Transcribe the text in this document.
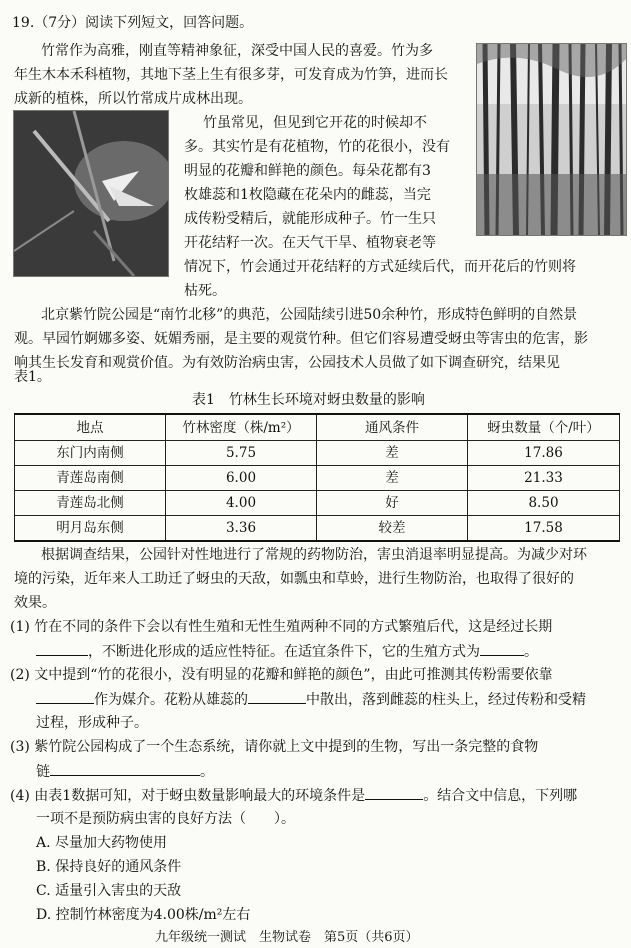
19.（7分）阅读下列短文，回答问题。
竹常作为高雅，刚直等精神象征，深受中国人民的喜爱。竹为多
年生木本禾科植物，其地下茎上生有很多芽，可发育成为竹笋，进而长
成新的植株，所以竹常成片成林出现。
竹虽常见，但见到它开花的时候却不
多。其实竹是有花植物，竹的花很小，没有
明显的花瓣和鲜艳的颜色。每朵花都有3
枚雄蕊和1枚隐藏在花朵内的雌蕊，当完
成传粉受精后，就能形成种子。竹一生只
开花结籽一次。在天气干旱、植物衰老等
情况下，竹会通过开花结籽的方式延续后代，而开花后的竹则将
枯死。
北京紫竹院公园是“南竹北移”的典范，公园陆续引进50余种竹，形成特色鲜明的自然景
观。早园竹婀娜多姿、妩媚秀丽，是主要的观赏竹种。但它们容易遭受蚜虫等害虫的危害，影
响其生长发育和观赏价值。为有效防治病虫害，公园技术人员做了如下调查研究，结果见
表1。
表1　竹林生长环境对蚜虫数量的影响
地点	竹林密度（株/m²）	通风条件	蚜虫数量（个/叶）
东门内南侧	5.75	差	17.86
青莲岛南侧	6.00	差	21.33
青莲岛北侧	4.00	好	8.50
明月岛东侧	3.36	较差	17.58
根据调查结果，公园针对性地进行了常规的药物防治，害虫消退率明显提高。为减少对环
境的污染，近年来人工助迁了蚜虫的天敌，如瓢虫和草蛉，进行生物防治，也取得了很好的
效果。
(1) 竹在不同的条件下会以有性生殖和无性生殖两种不同的方式繁殖后代，这是经过长期
，不断进化形成的适应性特征。在适宜条件下，它的生殖方式为	。
(2) 文中提到“竹的花很小，没有明显的花瓣和鲜艳的颜色”，由此可推测其传粉需要依靠
作为媒介。花粉从雄蕊的	中散出，落到雌蕊的柱头上，经过传粉和受精
过程，形成种子。
(3) 紫竹院公园构成了一个生态系统，请你就上文中提到的生物，写出一条完整的食物
链	。
(4) 由表1数据可知，对于蚜虫数量影响最大的环境条件是	。结合文中信息，下列哪
一项不是预防病虫害的良好方法（　　）。
A. 尽量加大药物使用
B. 保持良好的通风条件
C. 适量引入害虫的天敌
D. 控制竹林密度为4.00株/m²左右
九年级统一测试　生物试卷　第5页（共6页）
